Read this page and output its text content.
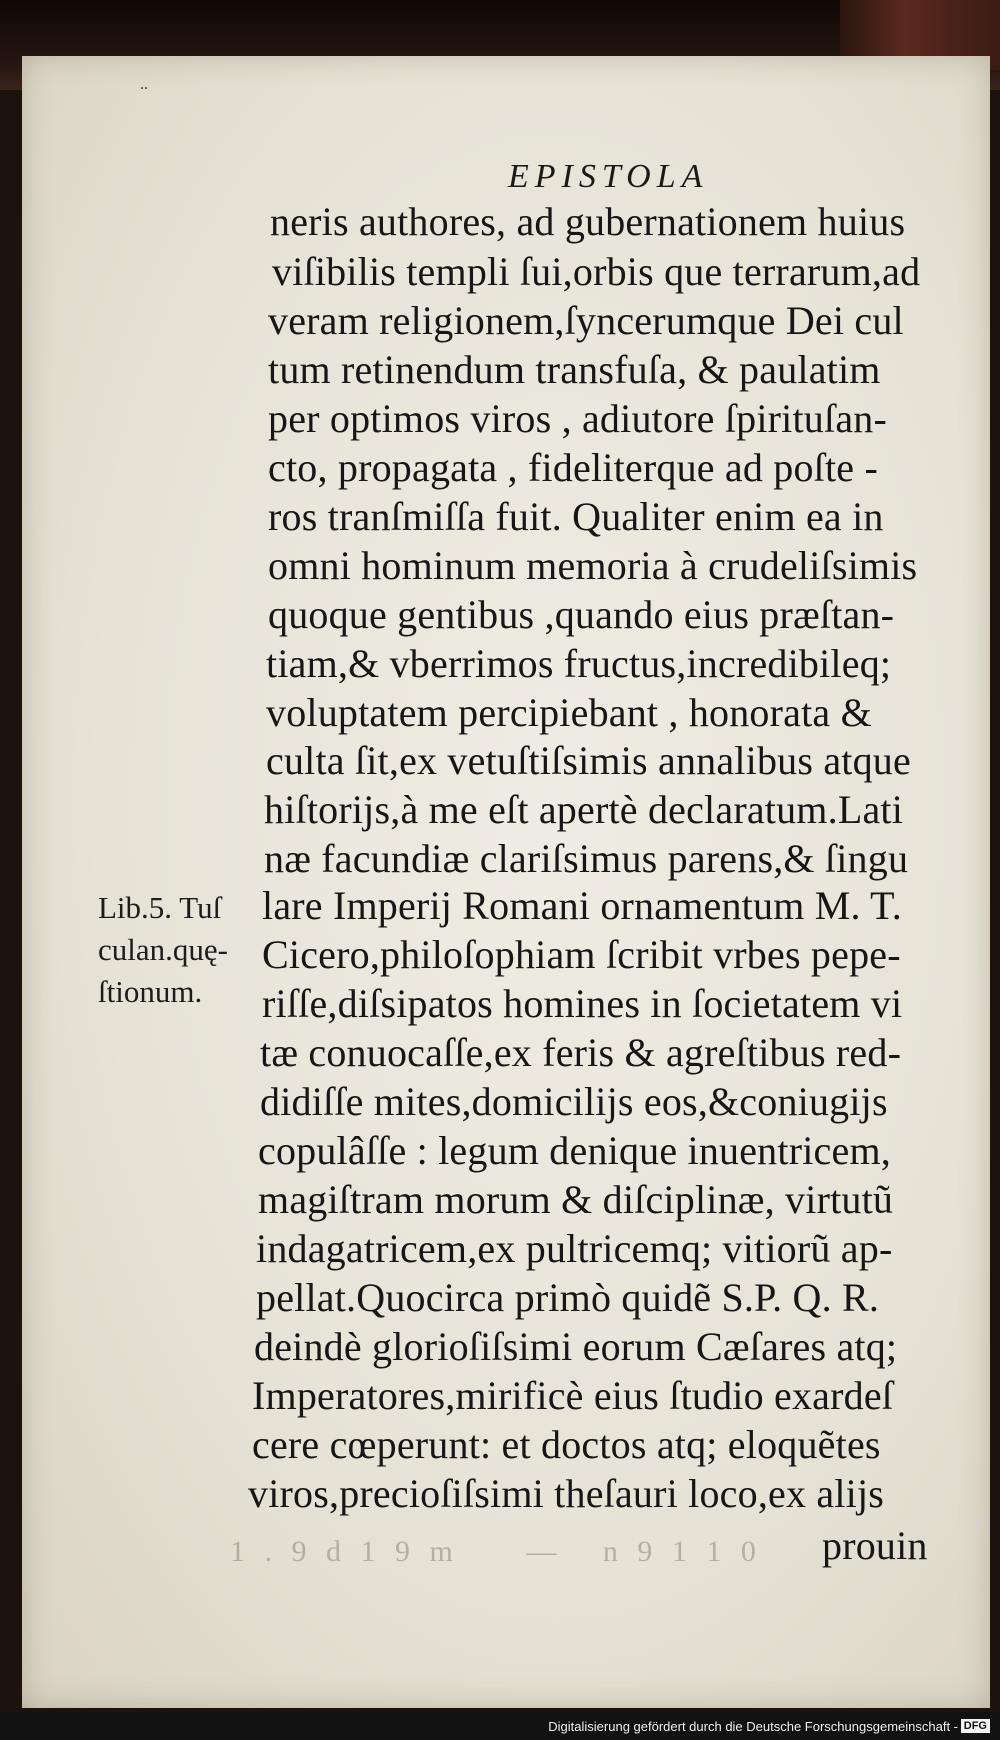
..
EPISTOLA
neris authores, ad gubernationem huius
viſibilis templi ſui,orbis que terrarum,ad
veram religionem,ſyncerumque Dei cul
tum retinendum transfuſa, & paulatim
per optimos viros , adiutore ſpirituſan-
cto, propagata , fideliterque ad poſte -
ros tranſmiſſa fuit. Qualiter enim ea in
omni hominum memoria à crudeliſsimis
quoque gentibus ,quando eius præſtan-
tiam,& vberrimos fructus,incredibileq;
voluptatem percipiebant , honorata &
culta ſit,ex vetuſtiſsimis annalibus atque
hiſtorijs,à me eſt apertè declaratum.Lati
næ facundiæ clariſsimus parens,& ſingu
lare Imperij Romani ornamentum M. T.
Cicero,philoſophiam ſcribit vrbes pepe-
riſſe,diſsipatos homines in ſocietatem vi
tæ conuocaſſe,ex feris & agreſtibus red-
didiſſe mites,domicilijs eos,&coniugijs
copulâſſe : legum denique inuentricem,
magiſtram morum & diſciplinæ, virtutũ
indagatricem,ex pultricemq; vitiorũ ap-
pellat.Quocirca primò quidẽ S.P. Q. R.
deindè glorioſiſsimi eorum Cæſares atq;
Imperatores,mirificè eius ſtudio exardeſ
cere cœperunt: et doctos atq; eloquẽtes
viros,precioſiſsimi theſauri loco,ex alijs
prouin
Lib.5. Tuſ
culan.quę-
ſtionum.
1 . 9 d 1 9 m     —   n 9 1 1 0
Digitalisierung gefördert durch die Deutsche Forschungsgemeinschaft - DFG
